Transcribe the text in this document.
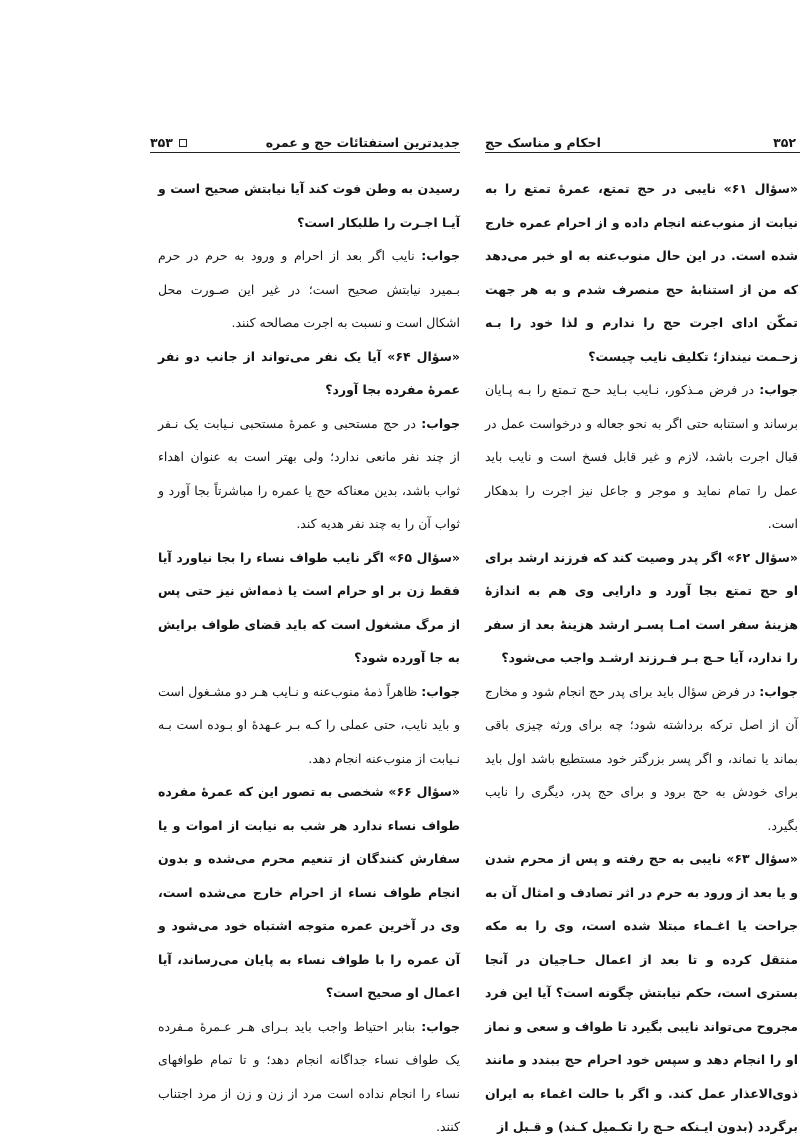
جدیدترین استفتائات حج و عمره
۳۵۳

رسیدن به وطن فوت کند آیا نیابتش صحیح است و آیـا اجـرت را طلبکار است؟

جواب: نایب اگر بعد از احرام و ورود به حرم در حرم بـمیرد نیابتش صحیح است؛ در غیر این صـورت محل اشکال است و نسبت به اجرت مصالحه کنند.

«سؤال ۶۴» آیا یک نفر می‌تواند از جانب دو نفر عمرهٔ مفرده بجا آورد؟

جواب: در حج مستحبی و عمرهٔ مستحبی نـیابت یک نـفر از چند نفر مانعی ندارد؛ ولی بهتر است به عنوان اهداء ثواب باشد، بدین معناکه حج یا عمره را مباشرتاً بجا آورد و ثواب آن را به چند نفر هدیه کند.

«سؤال ۶۵» اگر نایب طواف نساء را بجا نیاورد آیا فقط زن بر او حرام است یا ذمه‌اش نیز حتی پس از مرگ مشغول است که باید قضای طواف برایش به جا آورده شود؟

جواب: ظاهراً ذمهٔ منوب‌عنه و نـایب هـر دو مشـغول است و باید نایب، حتی عملی را کـه بـر عـهدهٔ او بـوده است بـه نـیابت از منوب‌عنه انجام دهد.

«سؤال ۶۶» شخصی به تصور این که عمرهٔ مفرده طواف نساء ندارد هر شب به نیابت از اموات و یا سفارش کنندگان از تنعیم محرم می‌شده و بدون انجام طواف نساء از احرام خارج می‌شده است، وی در آخرین عمره متوجه اشتباه خود می‌شود و آن عمره را با طواف نساء به پایان می‌رساند، آیا اعمال او صحیح است؟

جواب: بنابر احتیاط واجب باید بـرای هـر عـمرهٔ مـفرده یک طواف نساء جداگانه انجام دهد؛ و تا تمام طوافهای نساء را انجام نداده است مرد از زن و زن از مرد اجتناب کنند.

۳۵۲
احکام و مناسک حج

«سؤال ۶۱» نایبی در حج تمتع، عمرهٔ تمتع را به نیابت از منوب‌عنه انجام داده و از احرام عمره خارج شده است. در این حال منوب‌عنه به او خبر می‌دهد که من از استنابهٔ حج منصرف شدم و به هر جهت تمکّن ادای اجرت حج را ندارم و لذا خود را بـه زحـمت نینداز؛ تکلیف نایب چیست؟

جواب: در فرض مـذکور، نـایب بـاید حـج تـمتع را بـه پـایان برساند و استنابه حتی اگر به نحو جعاله و درخواست عمل در قبال اجرت باشد، لازم و غیر قابل فسخ است و نایب باید عمل را تمام نماید و موجر و جاعل نیز اجرت را بدهکار است.

«سؤال ۶۲» اگر پدر وصیت کند که فرزند ارشد برای او حج تمتع بجا آورد و دارایی وی هم به اندازهٔ هزینهٔ سفر است امـا پسـر ارشد هزینهٔ بعد از سفر را ندارد، آیا حـج بـر فـرزند ارشـد واجب می‌شود؟

جواب: در فرض سؤال باید برای پدر حج انجام شود و مخارج آن از اصل ترکه برداشته شود؛ چه برای ورثه چیزی باقی بماند یا نماند، و اگر پسر بزرگتر خود مستطیع باشد اول باید برای خودش به حج برود و برای حج پدر، دیگری را نایب بگیرد.

«سؤال ۶۳» نایبی به حج رفته و پس از محرم شدن و یا بعد از ورود به حرم در اثر تصادف و امثال آن به جراحت یا اغـماء مبتلا شده است، وی را به مکه منتقل کرده و تا بعد از اعمال حـاجیان در آنجا بستری است، حکم نیابتش چگونه است؟ آیا این فرد مجروح می‌تواند نایبی بگیرد تا طواف و سعی و نماز او را انجام دهد و سپس خود احرام حج ببندد و مانند ذوی‌الاعذار عمل کند. و اگر با حالت اغماء به ایران برگردد (بدون ایـنکه حـج را تکـمیل کـند) و قـبل از
